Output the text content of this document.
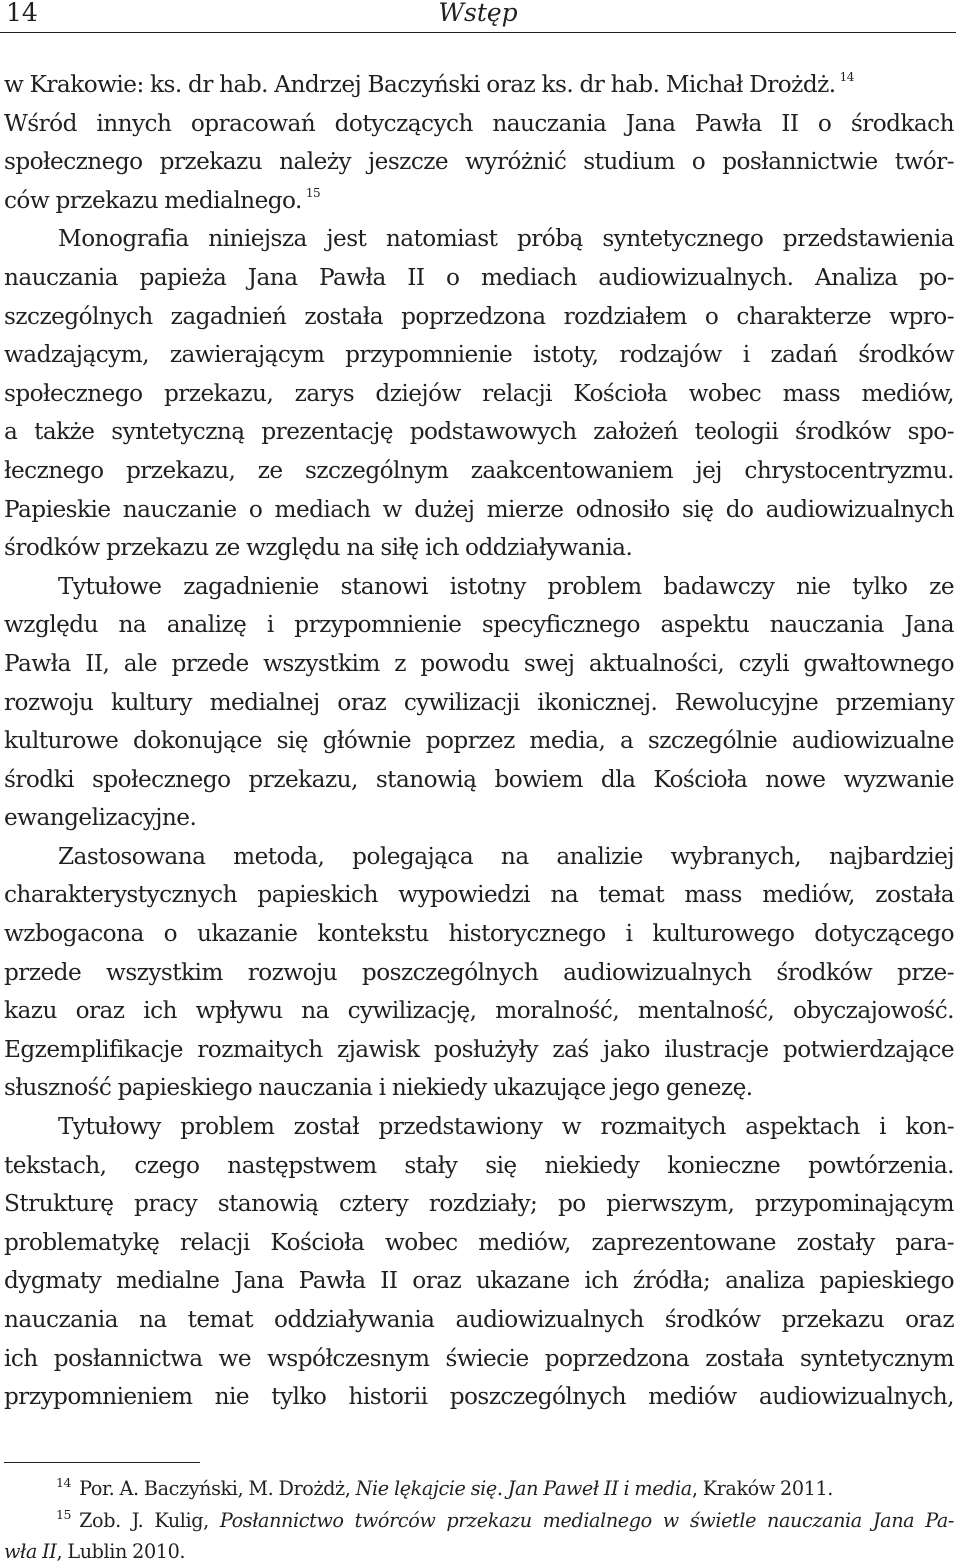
14	Wstęp
w Krakowie: ks. dr hab. Andrzej Baczyński oraz ks. dr hab. Michał Drożdż. $^{14}$
Wśród innych opracowań dotyczących nauczania Jana Pawła II o środkach
społecznego przekazu należy jeszcze wyróżnić studium o posłannictwie twór-
ców przekazu medialnego. $^{15}$
Monografia niniejsza jest natomiast próbą syntetycznego przedstawienia
nauczania papieża Jana Pawła II o mediach audiowizualnych. Analiza po-
szczególnych zagadnień została poprzedzona rozdziałem o charakterze wpro-
wadzającym, zawierającym przypomnienie istoty, rodzajów i zadań środków
społecznego przekazu, zarys dziejów relacji Kościoła wobec mass mediów,
a także syntetyczną prezentację podstawowych założeń teologii środków spo-
łecznego przekazu, ze szczególnym zaakcentowaniem jej chrystocentryzmu.
Papieskie nauczanie o mediach w dużej mierze odnosiło się do audiowizualnych
środków przekazu ze względu na siłę ich oddziaływania.
Tytułowe zagadnienie stanowi istotny problem badawczy nie tylko ze
względu na analizę i przypomnienie specyficznego aspektu nauczania Jana
Pawła II, ale przede wszystkim z powodu swej aktualności, czyli gwałtownego
rozwoju kultury medialnej oraz cywilizacji ikonicznej. Rewolucyjne przemiany
kulturowe dokonujące się głównie poprzez media, a szczególnie audiowizualne
środki społecznego przekazu, stanowią bowiem dla Kościoła nowe wyzwanie
ewangelizacyjne.
Zastosowana metoda, polegająca na analizie wybranych, najbardziej
charakterystycznych papieskich wypowiedzi na temat mass mediów, została
wzbogacona o ukazanie kontekstu historycznego i kulturowego dotyczącego
przede wszystkim rozwoju poszczególnych audiowizualnych środków prze-
kazu oraz ich wpływu na cywilizację, moralność, mentalność, obyczajowość.
Egzemplifikacje rozmaitych zjawisk posłużyły zaś jako ilustracje potwierdzające
słuszność papieskiego nauczania i niekiedy ukazujące jego genezę.
Tytułowy problem został przedstawiony w rozmaitych aspektach i kon-
tekstach, czego następstwem stały się niekiedy konieczne powtórzenia.
Strukturę pracy stanowią cztery rozdziały; po pierwszym, przypominającym
problematykę relacji Kościoła wobec mediów, zaprezentowane zostały para-
dygmaty medialne Jana Pawła II oraz ukazane ich źródła; analiza papieskiego
nauczania na temat oddziaływania audiowizualnych środków przekazu oraz
ich posłannictwa we współczesnym świecie poprzedzona została syntetycznym
przypomnieniem nie tylko historii poszczególnych mediów audiowizualnych,
$^{14}$ Por. A. Baczyński, M. Drożdż, Nie lękajcie się. Jan Paweł II i media, Kraków 2011.
$^{15}$ Zob. J. Kulig, Posłannictwo twórców przekazu medialnego w świetle nauczania Jana Pa-
wła II, Lublin 2010.
